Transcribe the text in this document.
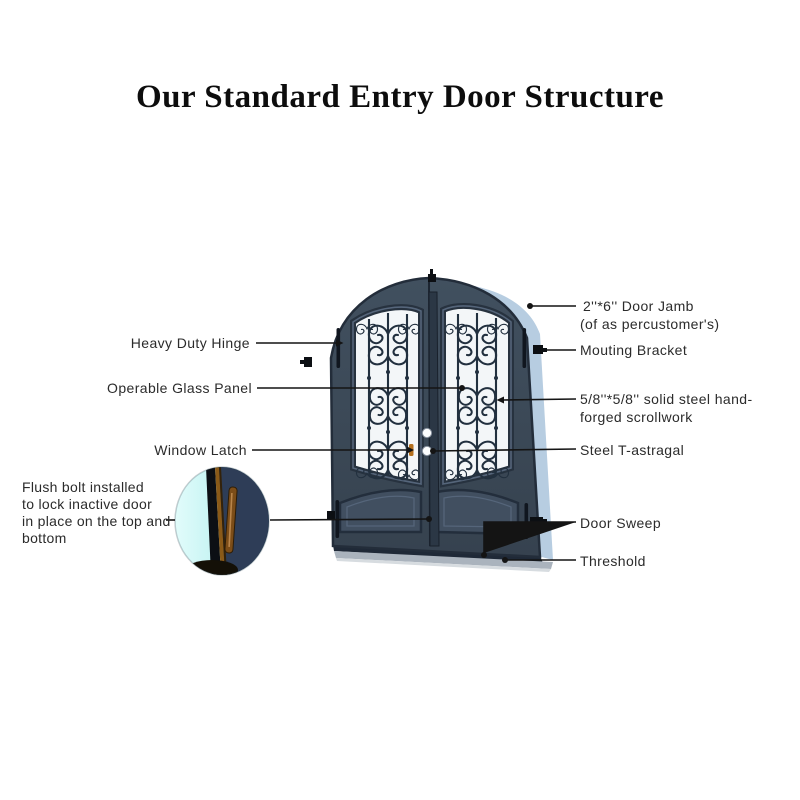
Our Standard Entry Door Structure
Heavy Duty Hinge
Operable Glass Panel
Window Latch
Flush bolt installed
to lock inactive door
in place on the top and
bottom
2''*6'' Door Jamb
(of as percustomer's)
Mouting Bracket
5/8''*5/8'' solid steel hand-
forged scrollwork
Steel T-astragal
Door Sweep
Threshold
